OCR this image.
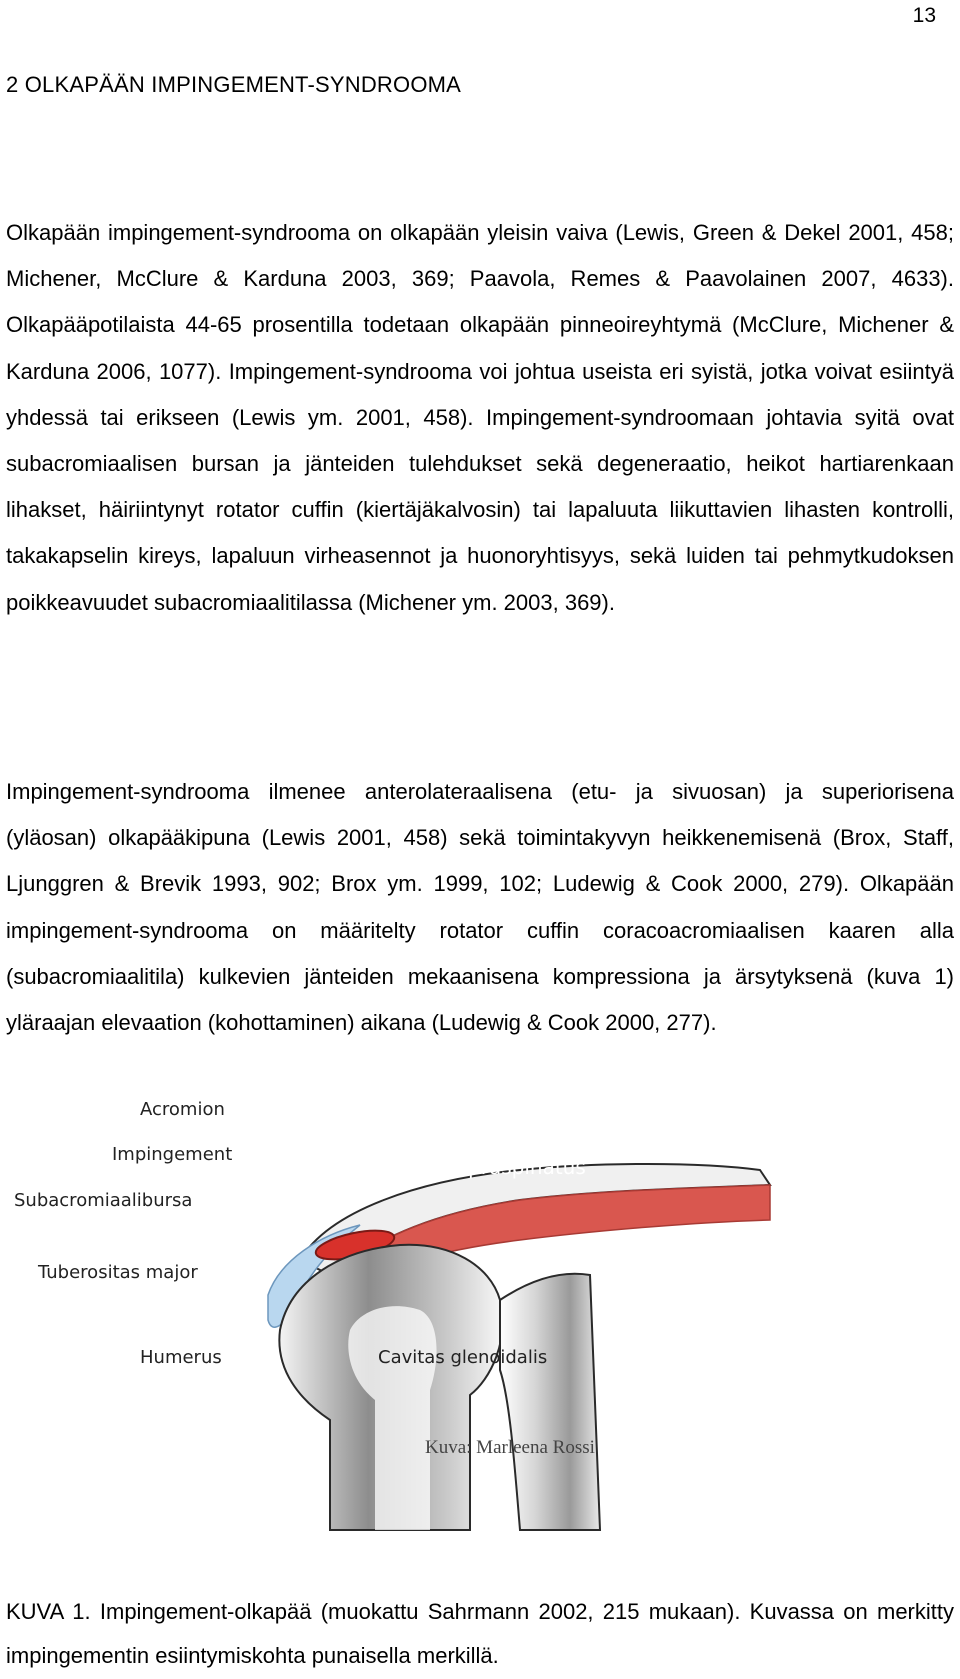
13
2 OLKAPÄÄN IMPINGEMENT-SYNDROOMA

Olkapään impingement-syndrooma on olkapään yleisin vaiva (Lewis, Green & Dekel 2001, 458; Michener, McClure & Karduna 2003, 369; Paavola, Remes & Paavolainen 2007, 4633). Olkapääpotilaista 44-65 prosentilla todetaan olkapään pinneoireyhtymä (McClure, Michener & Karduna 2006, 1077). Impingement-syndrooma voi johtua useista eri syistä, jotka voivat esiintyä yhdessä tai erikseen (Lewis ym. 2001, 458). Impingement-syndroomaan johtavia syitä ovat subacromiaalisen bursan ja jänteiden tulehdukset sekä degeneraatio, heikot hartiarenkaan lihakset, häiriintynyt rotator cuffin (kiertäjäkalvosin) tai lapaluuta liikuttavien lihasten kontrolli, takakapselin kireys, lapaluun virheasennot ja huonoryhtisyys, sekä luiden tai pehmytkudoksen poikkeavuudet subacromiaalitilassa (Michener ym. 2003, 369).

Impingement-syndrooma ilmenee anterolateraalisena (etu- ja sivuosan) ja superiorisena (yläosan) olkapääkipuna (Lewis 2001, 458) sekä toimintakyvyn heikkenemisenä (Brox, Staff, Ljunggren & Brevik 1993, 902; Brox ym. 1999, 102; Ludewig & Cook 2000, 279). Olkapään impingement-syndrooma on määritelty rotator cuffin coracoacromiaalisen kaaren alla (subacromiaalitila) kulkevien jänteiden mekaanisena kompressiona ja ärsytyksenä (kuva 1) yläraajan elevaation (kohottaminen) aikana (Ludewig & Cook 2000, 277).

Acromion
Impingement
Subacromiaalibursa
Tuberositas major
Humerus
M. supraspinatus
Cavitas glenoidalis
Kuva: Marleena Rossi

KUVA 1. Impingement-olkapää (muokattu Sahrmann 2002, 215 mukaan). Kuvassa on merkitty impingementin esiintymiskohta punaisella merkillä.
